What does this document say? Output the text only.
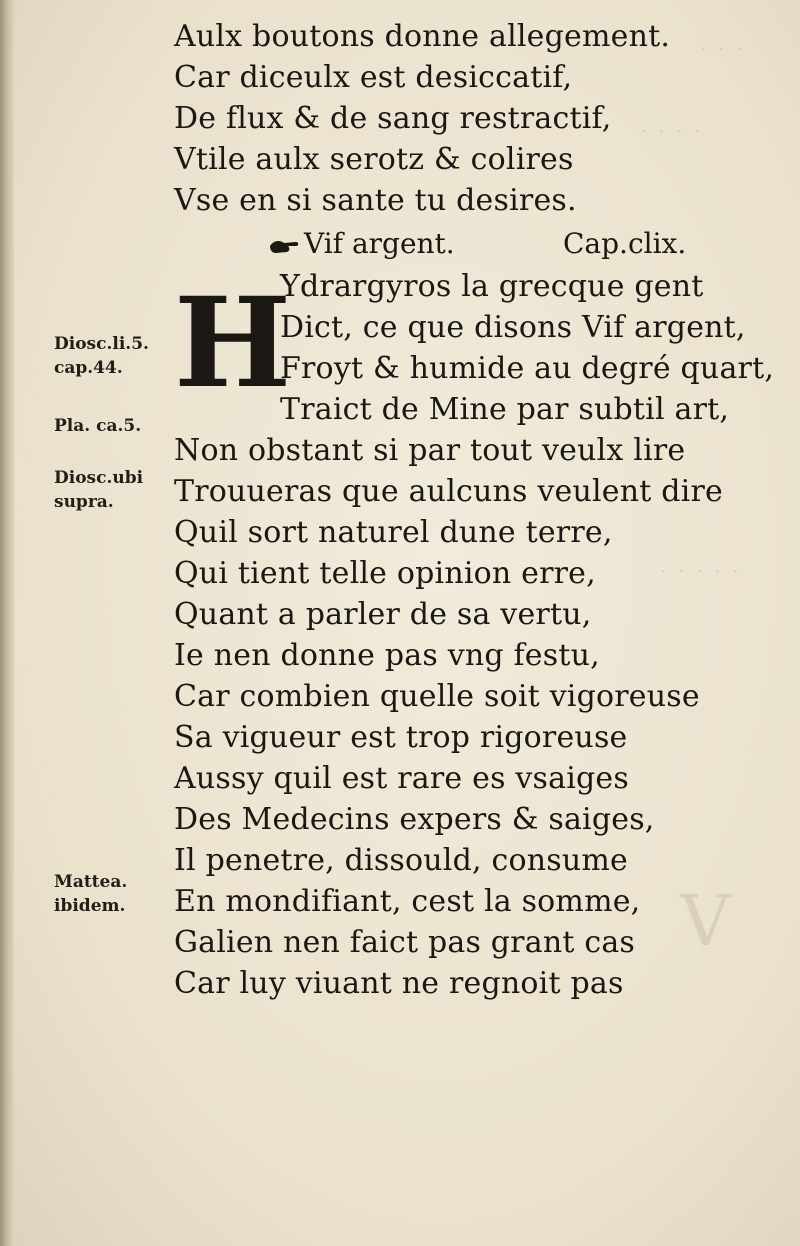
· · ·
· · · ·
· · · · ·
V
Aulx boutons donne allegement.
Car diceulx est desiccatif,
De flux & de sang restractif,
Vtile aulx serotz & colires
Vse en si sante tu desires.
Vif argent.	Cap.clix.
H
Ydrargyros la grecque gent
Dict, ce que disons Vif argent,
Froyt & humide au degré quart,
Traict de Mine par subtil art,
Non obstant si par tout veulx lire
Trouueras que aulcuns veulent dire
Quil sort naturel dune terre,
Qui tient telle opinion erre,
Quant a parler de sa vertu,
Ie nen donne pas vng festu,
Car combien quelle soit vigoreuse
Sa vigueur est trop rigoreuse
Aussy quil est rare es vsaiges
Des Medecins expers & saiges,
Il penetre, dissould, consume
En mondifiant, cest la somme,
Galien nen faict pas grant cas
Car luy viuant ne regnoit pas
Diosc.li.5.
cap.44.
Pla. ca.5.
Diosc.ubi
supra.
Mattea.
ibidem.
